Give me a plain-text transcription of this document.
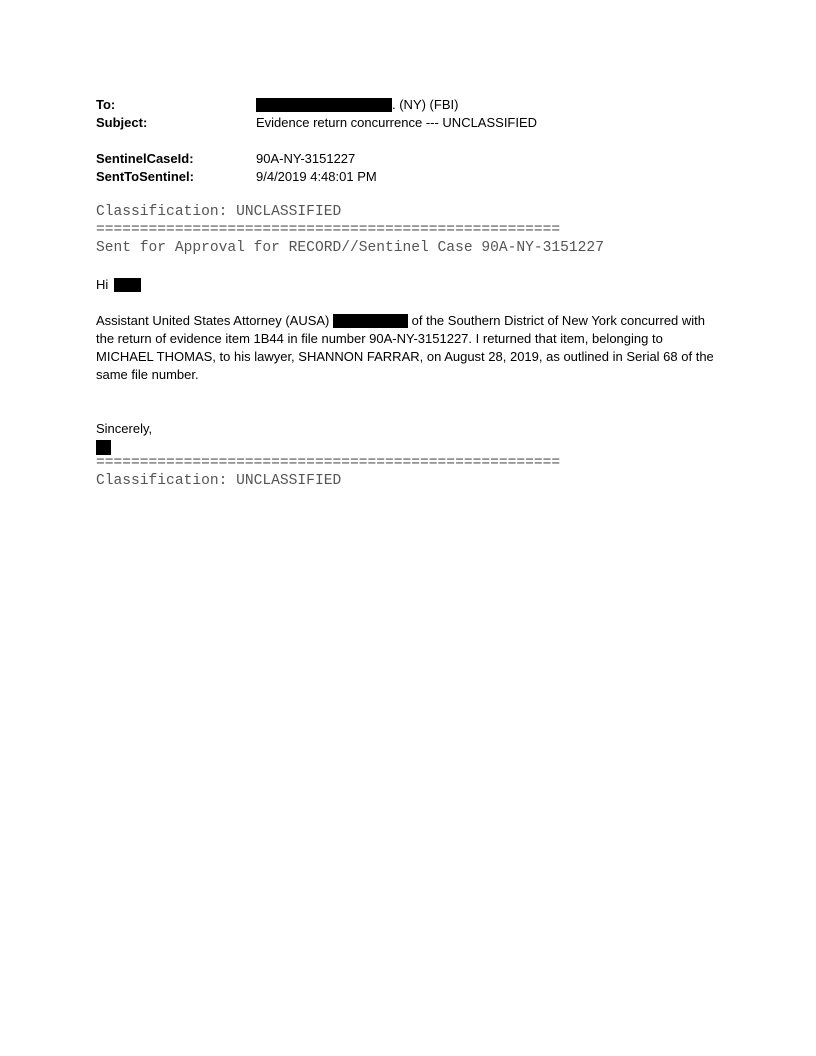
To:	. (NY) (FBI)
Subject:	Evidence return concurrence --- UNCLASSIFIED
SentinelCaseId:	90A-NY-3151227
SentToSentinel:	9/4/2019 4:48:01 PM
Classification: UNCLASSIFIED
=====================================================
Sent for Approval for RECORD//Sentinel Case 90A-NY-3151227
Hi
Assistant United States Attorney (AUSA)	of the Southern District of New York concurred with the return of evidence item 1B44 in file number 90A-NY-3151227. I returned that item, belonging to MICHAEL THOMAS, to his lawyer, SHANNON FARRAR, on August 28, 2019, as outlined in Serial 68 of the same file number.
Sincerely,
=====================================================
Classification: UNCLASSIFIED
